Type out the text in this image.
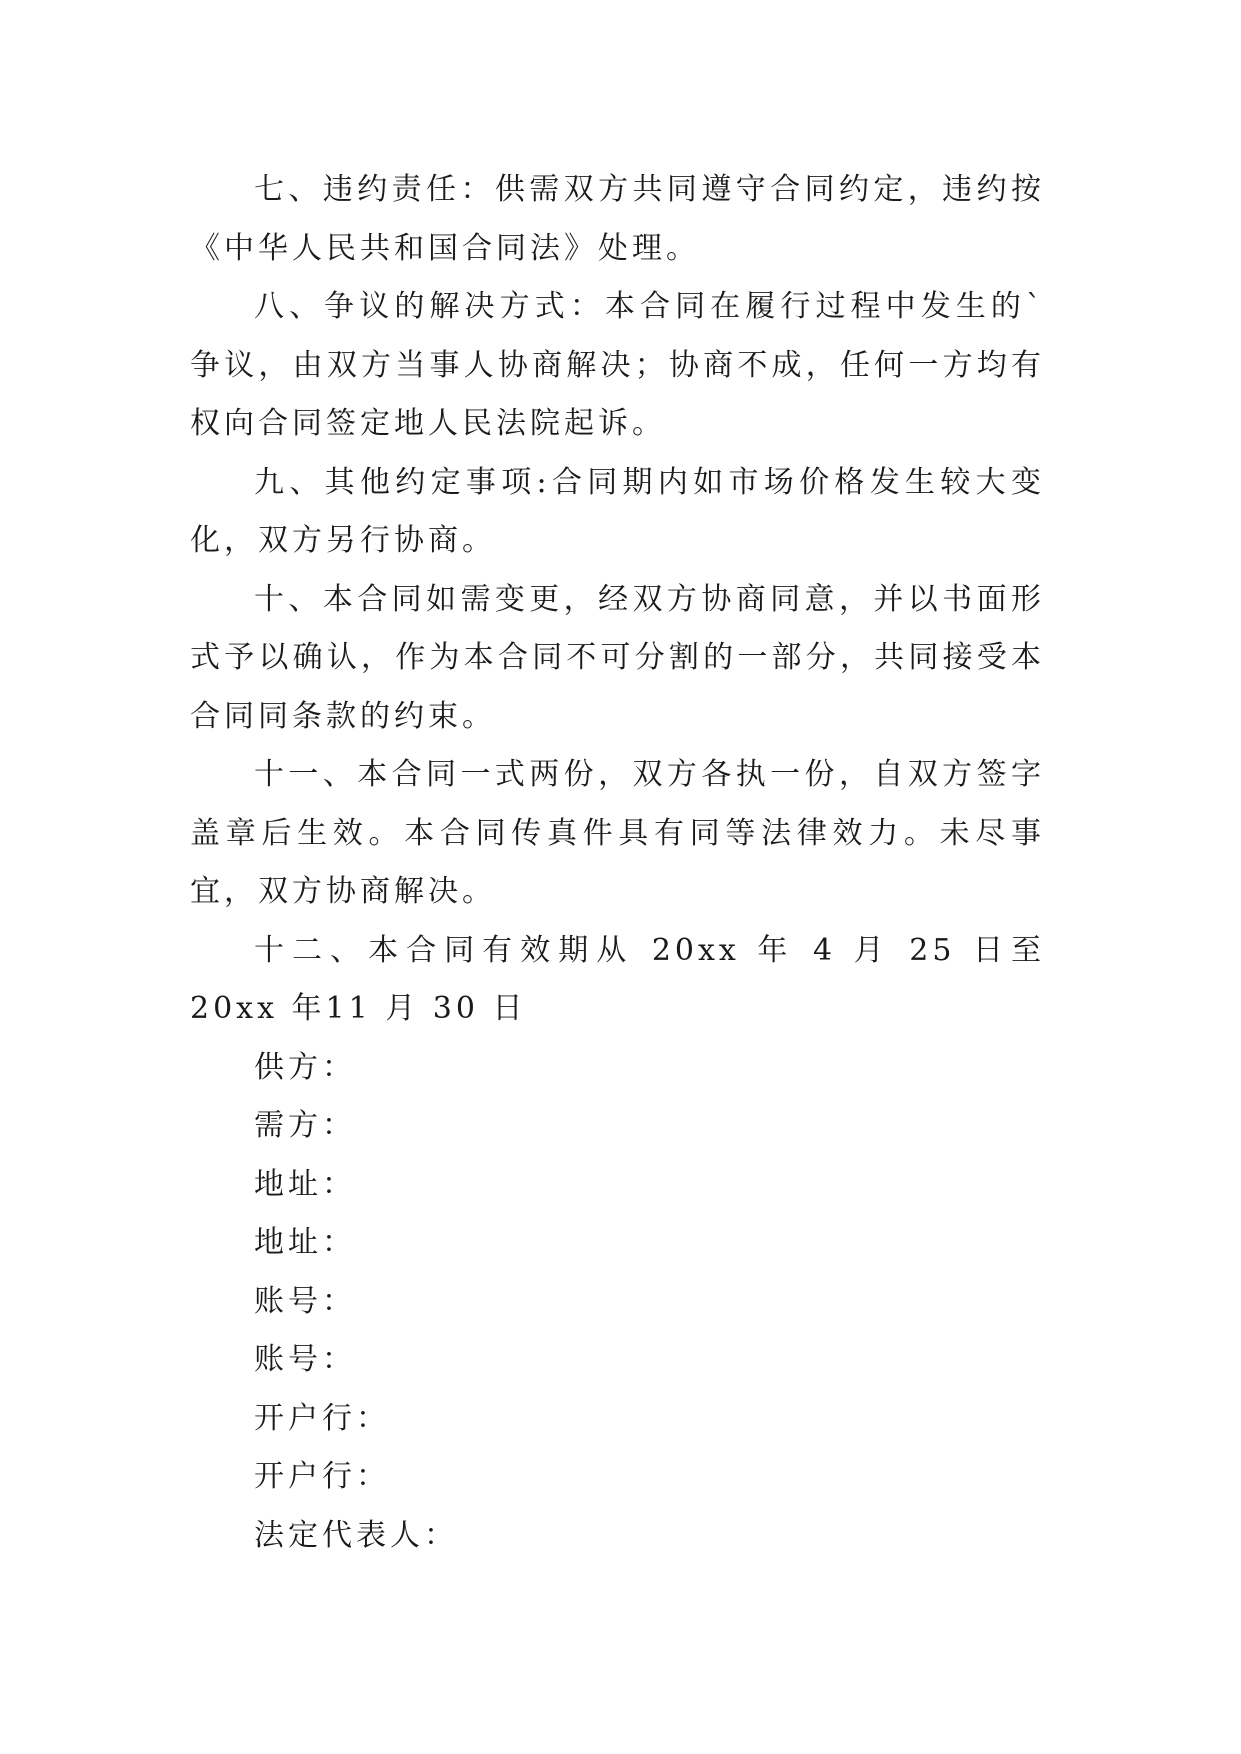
七、违约责任：供需双方共同遵守合同约定，违约按《中华人民共和国合同法》处理。

八、争议的解决方式：本合同在履行过程中发生的`争议，由双方当事人协商解决；协商不成，任何一方均有权向合同签定地人民法院起诉。

九、其他约定事项:合同期内如市场价格发生较大变化，双方另行协商。

十、本合同如需变更，经双方协商同意，并以书面形式予以确认，作为本合同不可分割的一部分，共同接受本合同同条款的约束。

十一、本合同一式两份，双方各执一份，自双方签字盖章后生效。本合同传真件具有同等法律效力。未尽事宜，双方协商解决。

十二、本合同有效期从 20xx 年 4 月 25 日至20xx 年11 月 30 日

供方：

需方：

地址：

地址：

账号：

账号：

开户行：

开户行：

法定代表人：
